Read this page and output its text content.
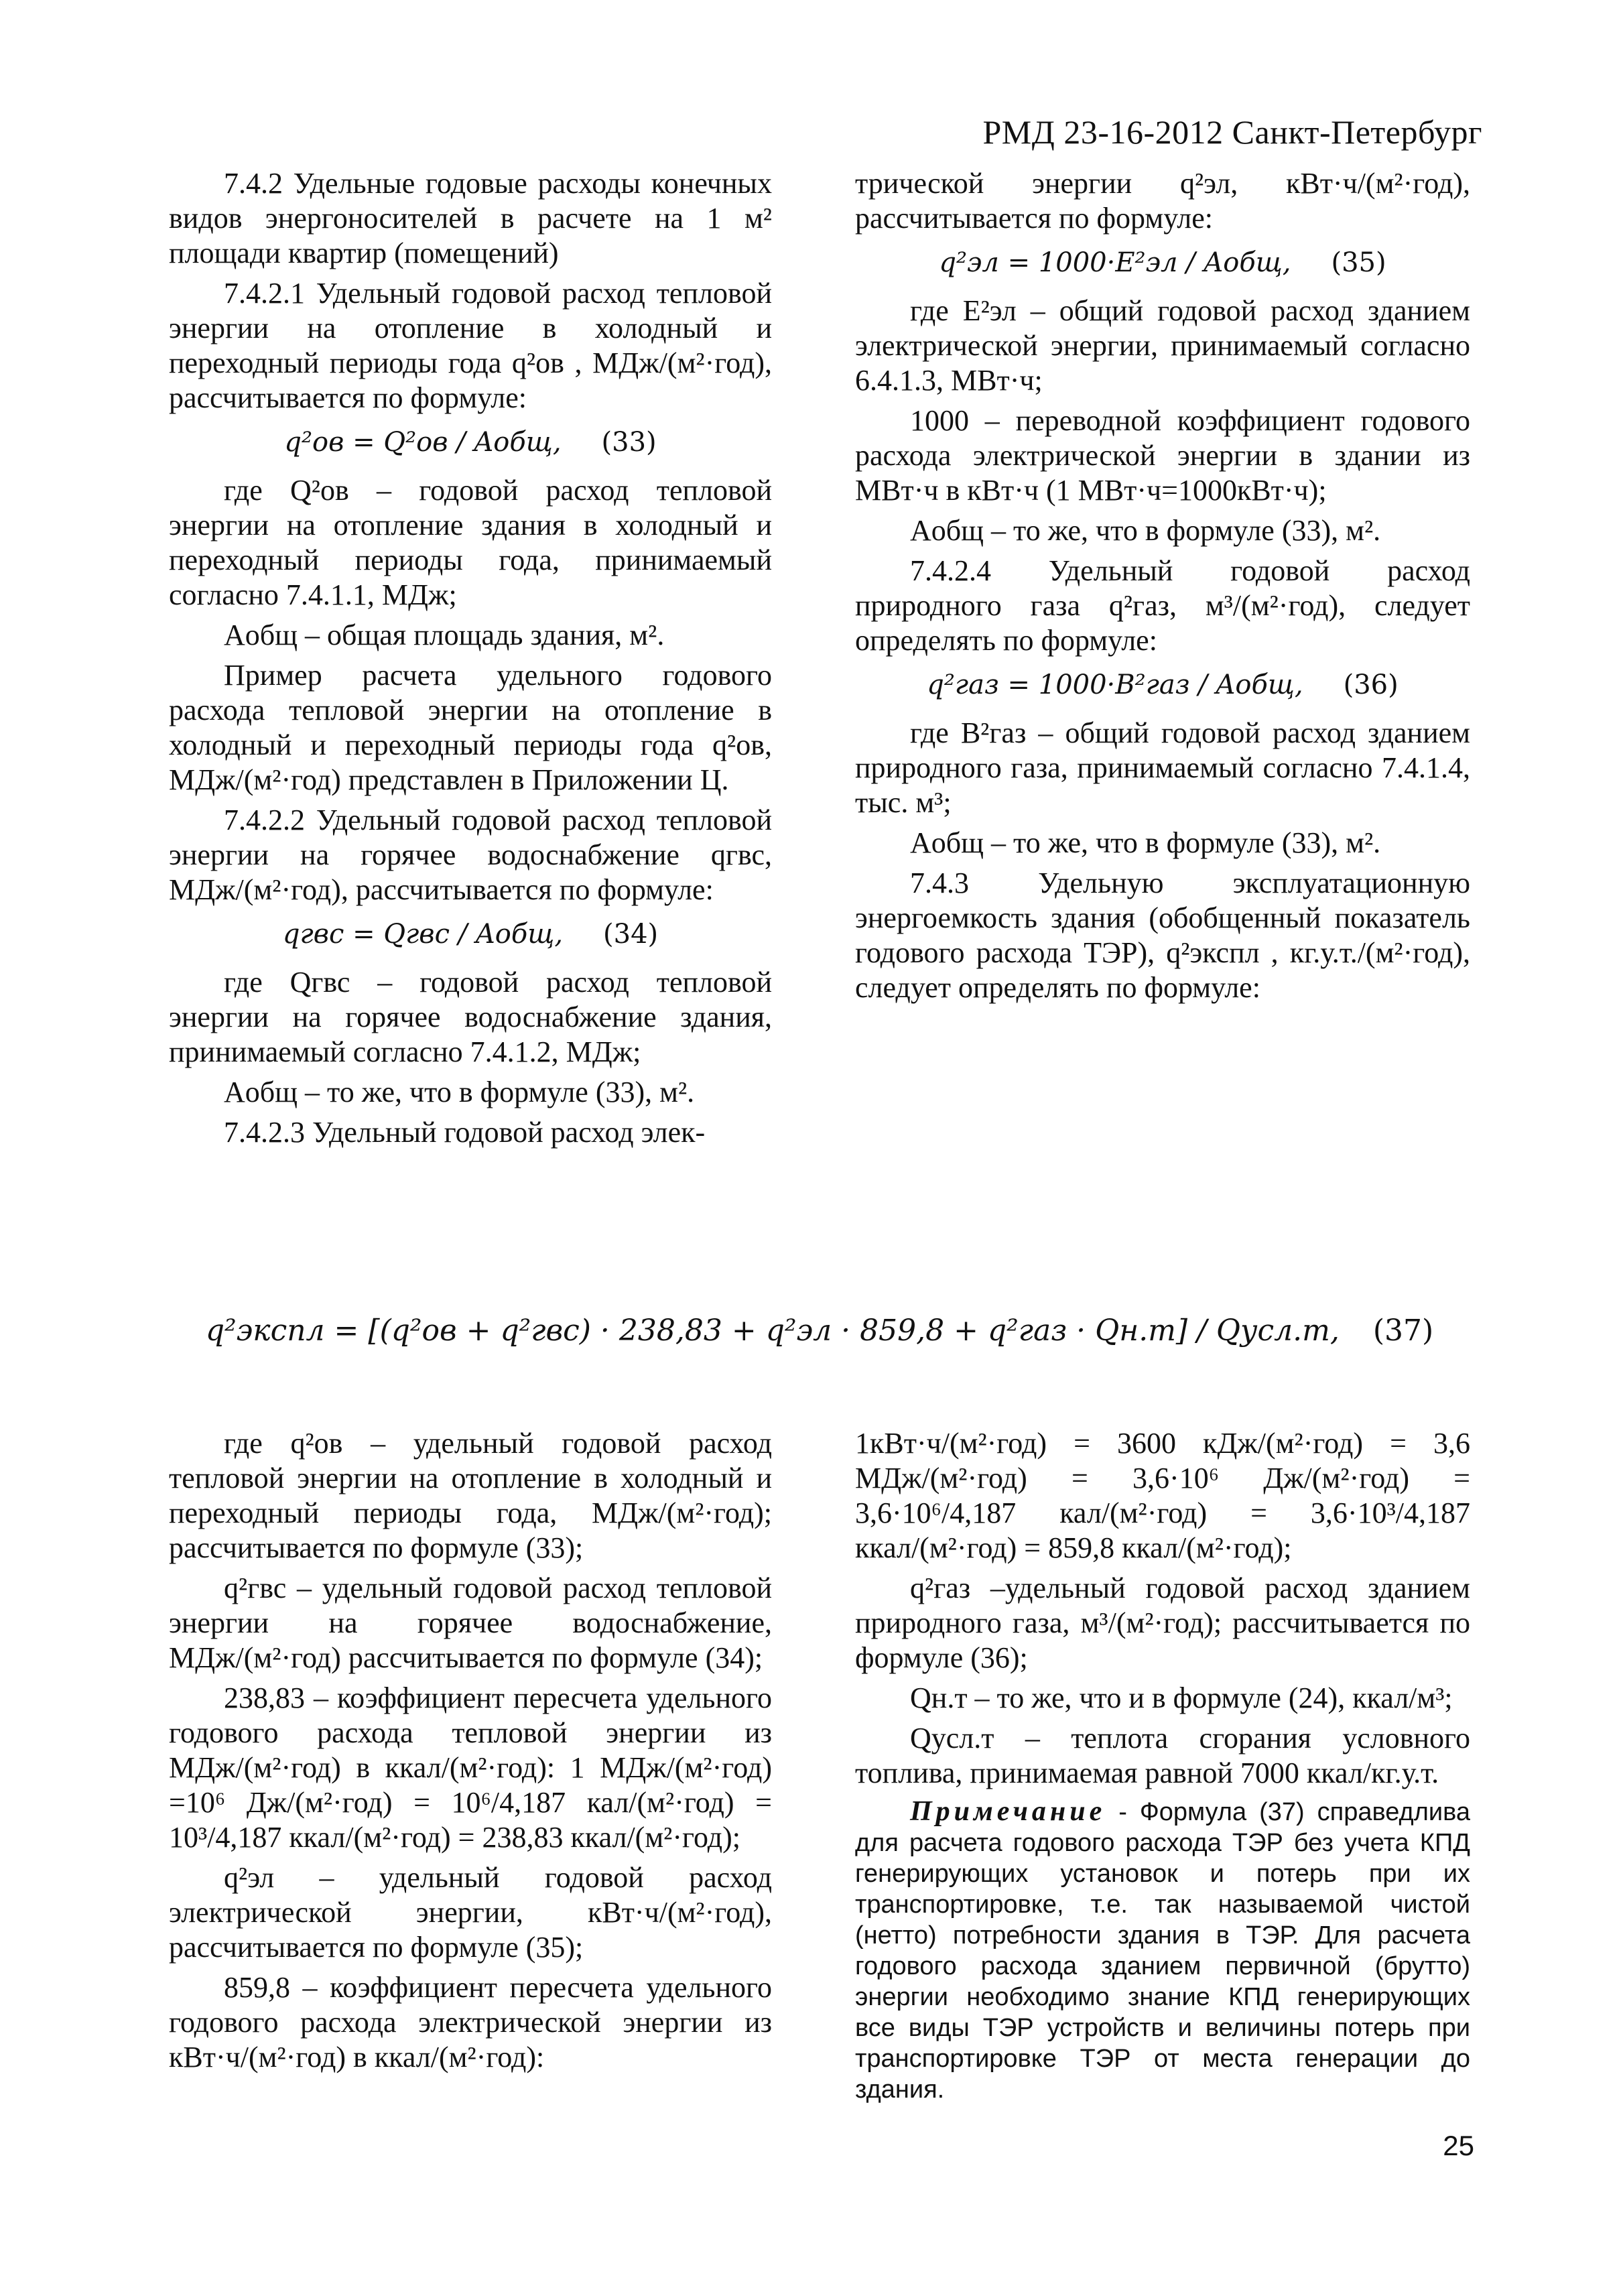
РМД 23-16-2012 Санкт-Петербург

7.4.2 Удельные годовые расходы конечных видов энергоносителей в расчете на 1 м² площади квартир (помещений)

7.4.2.1 Удельный годовой расход тепловой энергии на отопление в холодный и переходный периоды года q²ов , МДж/(м²·год), рассчитывается по формуле:

q²ов = Q²ов / Aобщ, (33)

где Q²ов – годовой расход тепловой энергии на отопление здания в холодный и переходный периоды года, принимаемый согласно 7.4.1.1, МДж;

Aобщ – общая площадь здания, м².

Пример расчета удельного годового расхода тепловой энергии на отопление в холодный и переходный периоды года q²ов, МДж/(м²·год) представлен в Приложении Ц.

7.4.2.2 Удельный годовой расход тепловой энергии на горячее водоснабжение qгвс, МДж/(м²·год), рассчитывается по формуле:

qгвс = Qгвс / Aобщ, (34)

где Qгвс – годовой расход тепловой энергии на горячее водоснабжение здания, принимаемый согласно 7.4.1.2, МДж;

Aобщ – то же, что в формуле (33), м².

7.4.2.3 Удельный годовой расход элек-

трической энергии q²эл, кВт·ч/(м²·год), рассчитывается по формуле:

q²эл = 1000·E²эл / Aобщ, (35)

где E²эл – общий годовой расход зданием электрической энергии, принимаемый согласно 6.4.1.3, МВт·ч;

1000 – переводной коэффициент годового расхода электрической энергии в здании из МВт·ч в кВт·ч (1 МВт·ч=1000кВт·ч);

Aобщ – то же, что в формуле (33), м².

7.4.2.4 Удельный годовой расход природного газа q²газ, м³/(м²·год), следует определять по формуле:

q²газ = 1000·B²газ / Aобщ, (36)

где B²газ – общий годовой расход зданием природного газа, принимаемый согласно 7.4.1.4, тыс. м³;

Aобщ – то же, что в формуле (33), м².

7.4.3 Удельную эксплуатационную энергоемкость здания (обобщенный показатель годового расхода ТЭР), q²экспл , кг.у.т./(м²·год), следует определять по формуле:

q²экспл = [(q²ов + q²гвс) · 238,83 + q²эл · 859,8 + q²газ · Qн.т] / Qусл.т, (37)

где q²ов – удельный годовой расход тепловой энергии на отопление в холодный и переходный периоды года, МДж/(м²·год); рассчитывается по формуле (33);

q²гвс – удельный годовой расход тепловой энергии на горячее водоснабжение, МДж/(м²·год) рассчитывается по формуле (34);

238,83 – коэффициент пересчета удельного годового расхода тепловой энергии из МДж/(м²·год) в ккал/(м²·год): 1 МДж/(м²·год) =10⁶ Дж/(м²·год) = 10⁶/4,187 кал/(м²·год) = 10³/4,187 ккал/(м²·год) = 238,83 ккал/(м²·год);

q²эл – удельный годовой расход электрической энергии, кВт·ч/(м²·год), рассчитывается по формуле (35);

859,8 – коэффициент пересчета удельного годового расхода электрической энергии из кВт·ч/(м²·год) в ккал/(м²·год):

1кВт·ч/(м²·год) = 3600 кДж/(м²·год) = 3,6 МДж/(м²·год) = 3,6·10⁶ Дж/(м²·год) = 3,6·10⁶/4,187 кал/(м²·год) = 3,6·10³/4,187 ккал/(м²·год) = 859,8 ккал/(м²·год);

q²газ –удельный годовой расход зданием природного газа, м³/(м²·год); рассчитывается по формуле (36);

Qн.т – то же, что и в формуле (24), ккал/м³;

Qусл.т – теплота сгорания условного топлива, принимаемая равной 7000 ккал/кг.у.т.

Примечание - Формула (37) справедлива для расчета годового расхода ТЭР без учета КПД генерирующих установок и потерь при их транспортировке, т.е. так называемой чистой (нетто) потребности здания в ТЭР. Для расчета годового расхода зданием первичной (брутто) энергии необходимо знание КПД генерирующих все виды ТЭР устройств и величины потерь при транспортировке ТЭР от места генерации до здания.

25
